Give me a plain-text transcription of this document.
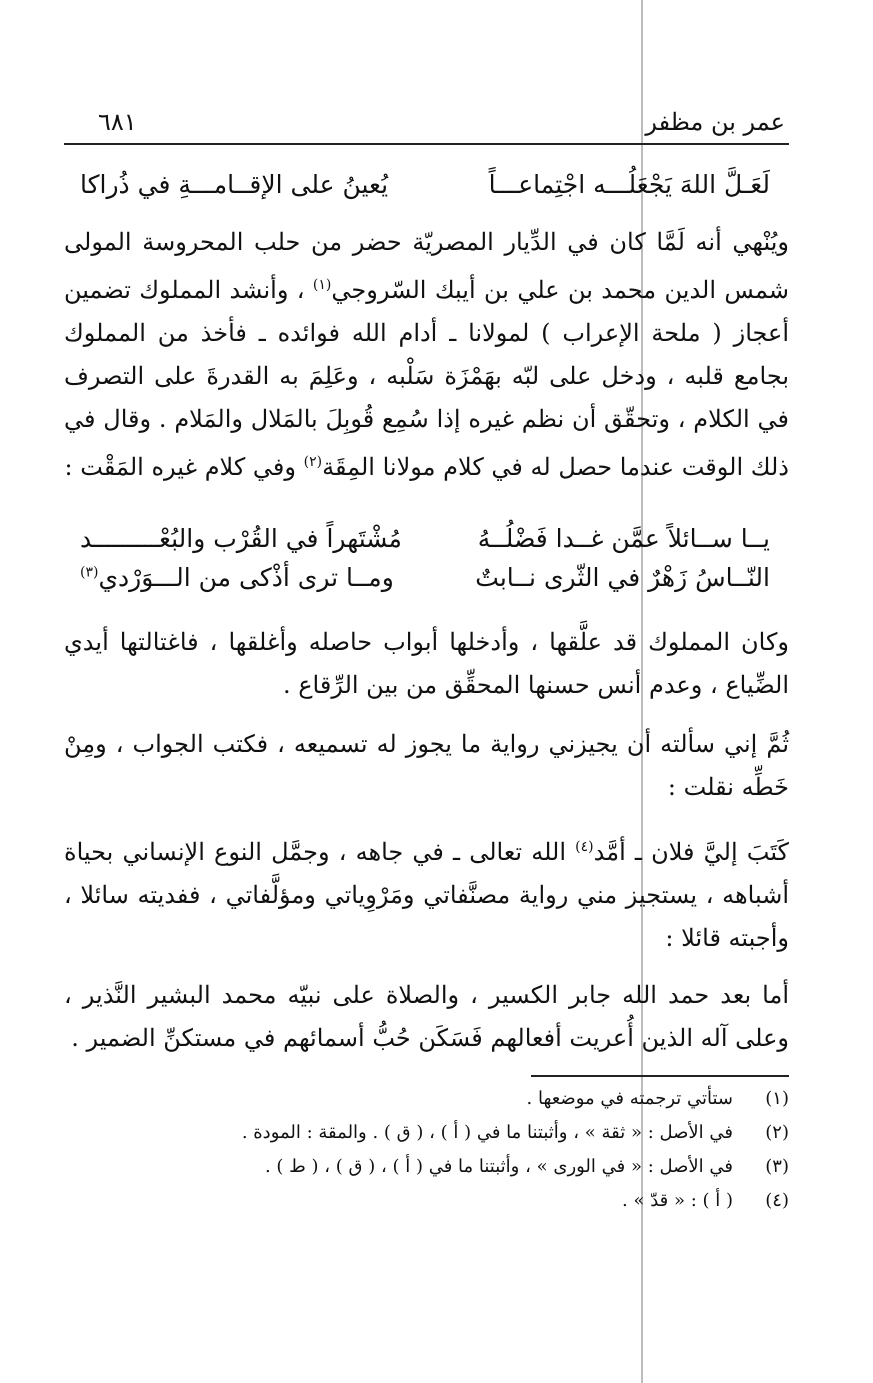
عمر بن مظفر
٦٨١
لَعَـلَّ اللهَ يَجْعَلُـــه اجْتِماعـــاً
يُعينُ على الإقــامـــةِ في ذُراكا

ويُنْهي أنه لَمَّا كان في الدِّيار المصريّة حضر من حلب المحروسة المولى شمس الدين محمد بن علي بن أيبك السّروجي$^{(١)}$ ، وأنشد المملوك تضمين أعجاز ( ملحة الإعراب ) لمولانا ـ أدام الله فوائده ـ فأخذ من المملوك بجامع قلبه ، ودخل على لبّه بهَمْزَة سَلْبه ، وعَلِمَ به القدرةَ على التصرف في الكلام ، وتحقّق أن نظم غيره إذا سُمِع قُوبِلَ بالمَلال والمَلام . وقال في ذلك الوقت عندما حصل له في كلام مولانا المِقَة$^{(٢)}$ وفي كلام غيره المَقْت :

يــا ســائلاً عمَّن غــدا فَضْلُــهُ
مُشْتَهراً في القُرْب والبُعْـــــــــد
النّــاسُ زَهْرٌ في الثّرى نــابتٌ
ومــا ترى أذْكى من الـــوَرْدي$^{(٣)}$

وكان المملوك قد علَّقها ، وأدخلها أبواب حاصله وأغلقها ، فاغتالتها أيدي الضِّياع ، وعدم أنس حسنها المحقِّق من بين الرِّقاع .

ثُمَّ إني سألته أن يجيزني رواية ما يجوز له تسميعه ، فكتب الجواب ، ومِنْ خَطِّه نقلت :

كَتَبَ إليَّ فلان ـ أمَّد$^{(٤)}$ الله تعالى ـ في جاهه ، وجمَّل النوع الإنساني بحياة أشباهه ، يستجيز مني رواية مصنَّفاتي ومَرْوِياتي ومؤلَّفاتي ، ففديته سائلا ، وأجبته قائلا :

أما بعد حمد الله جابر الكسير ، والصلاة على نبيّه محمد البشير النَّذير ، وعلى آله الذين أُعريت أفعالهم فَسَكَن حُبُّ أسمائهم في مستكنِّ الضمير .

(١)
ستأتي ترجمته في موضعها .
(٢)
في الأصل : « ثقة » ، وأثبتنا ما في ( أ ) ، ( ق ) . والمقة : المودة .
(٣)
في الأصل : « في الورى » ، وأثبتنا ما في ( أ ) ، ( ق ) ، ( ط ) .
(٤)
( أ ) : « قدّ » .
